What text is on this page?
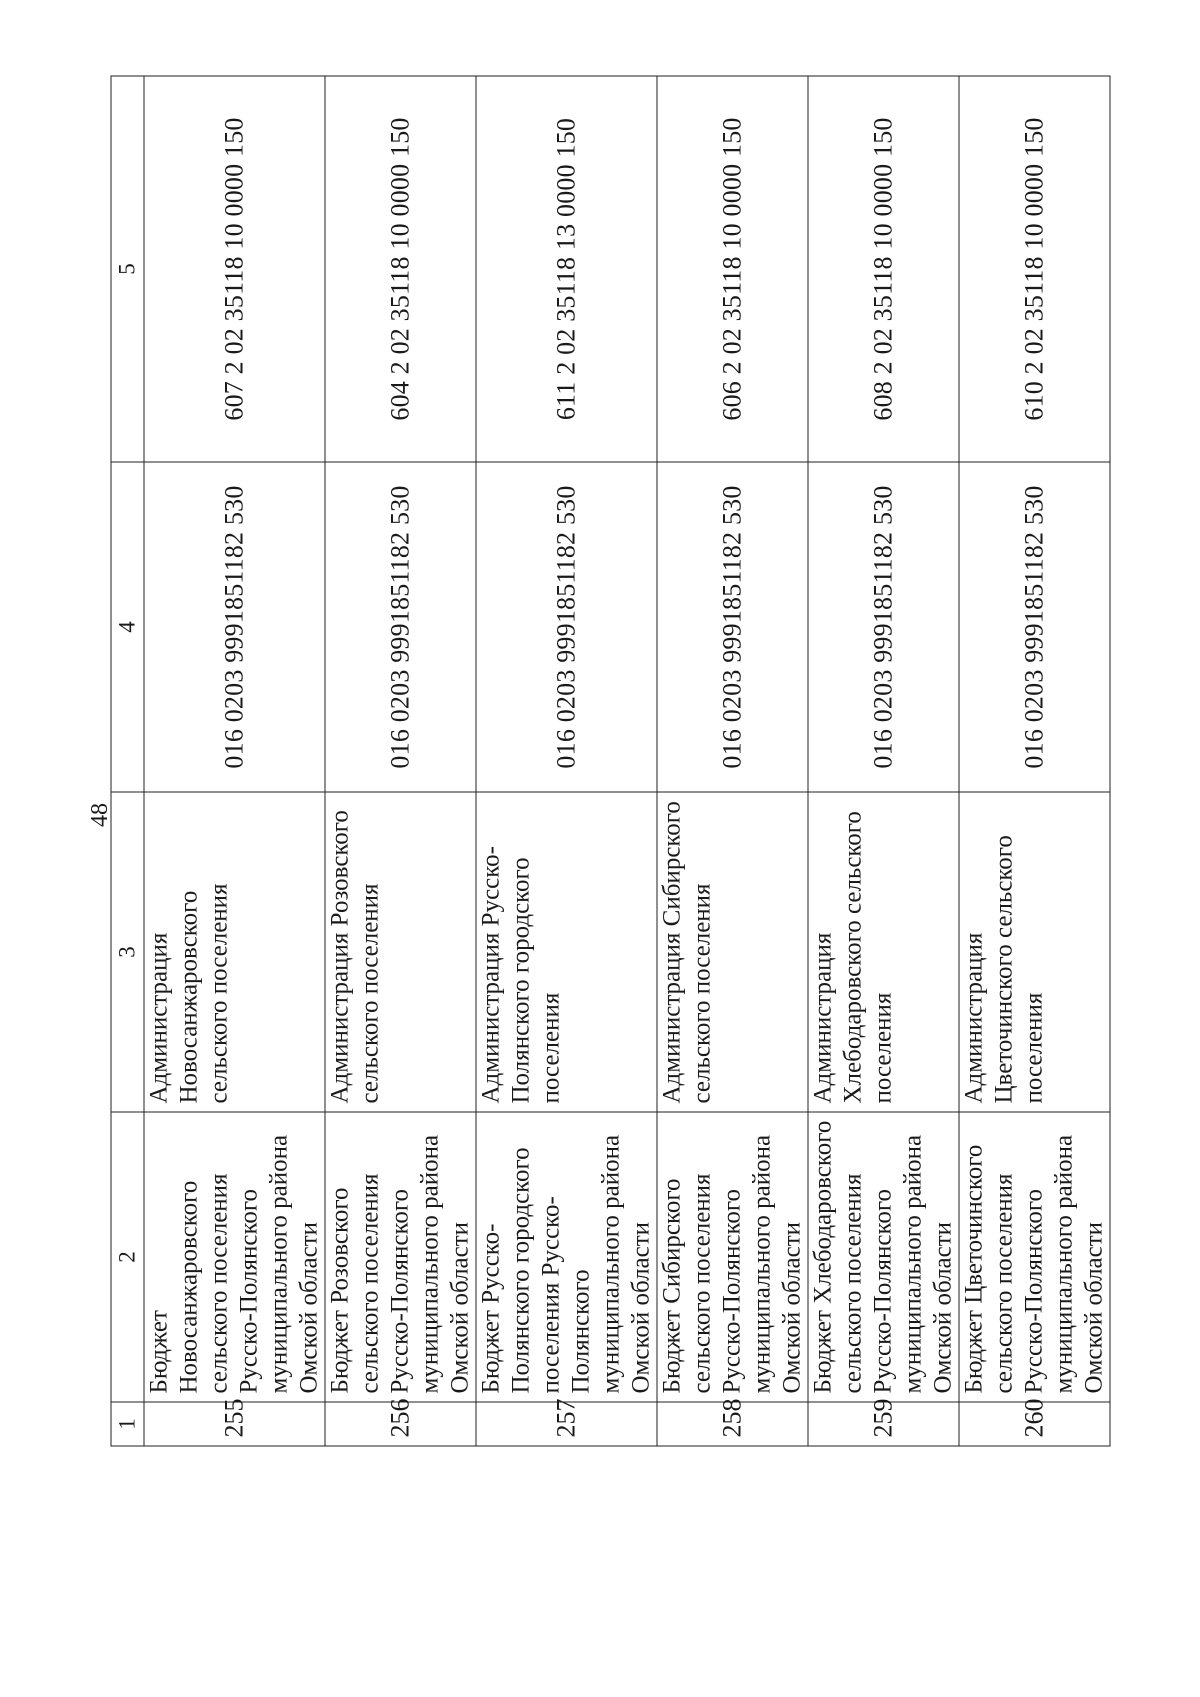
48
1	2	3	4	5
255	Бюджет Новосанжаровского сельского поселения Русско-Полянского муниципального района Омской области	Администрация Новосанжаровского сельского поселения	016 0203 9991851182 530	607 2 02 35118 10 0000 150
256	Бюджет Розовского сельского поселения Русско-Полянского муниципального района Омской области	Администрация Розовского сельского поселения	016 0203 9991851182 530	604 2 02 35118 10 0000 150
257	Бюджет Русско-Полянского городского поселения Русско-Полянского муниципального района Омской области	Администрация Русско-Полянского городского поселения	016 0203 9991851182 530	611 2 02 35118 13 0000 150
258	Бюджет Сибирского сельского поселения Русско-Полянского муниципального района Омской области	Администрация Сибирского сельского поселения	016 0203 9991851182 530	606 2 02 35118 10 0000 150
259	Бюджет Хлебодаровского сельского поселения Русско-Полянского муниципального района Омской области	Администрация Хлебодаровского сельского поселения	016 0203 9991851182 530	608 2 02 35118 10 0000 150
260	Бюджет Цветочинского сельского поселения Русско-Полянского муниципального района Омской области	Администрация Цветочинского сельского поселения	016 0203 9991851182 530	610 2 02 35118 10 0000 150
